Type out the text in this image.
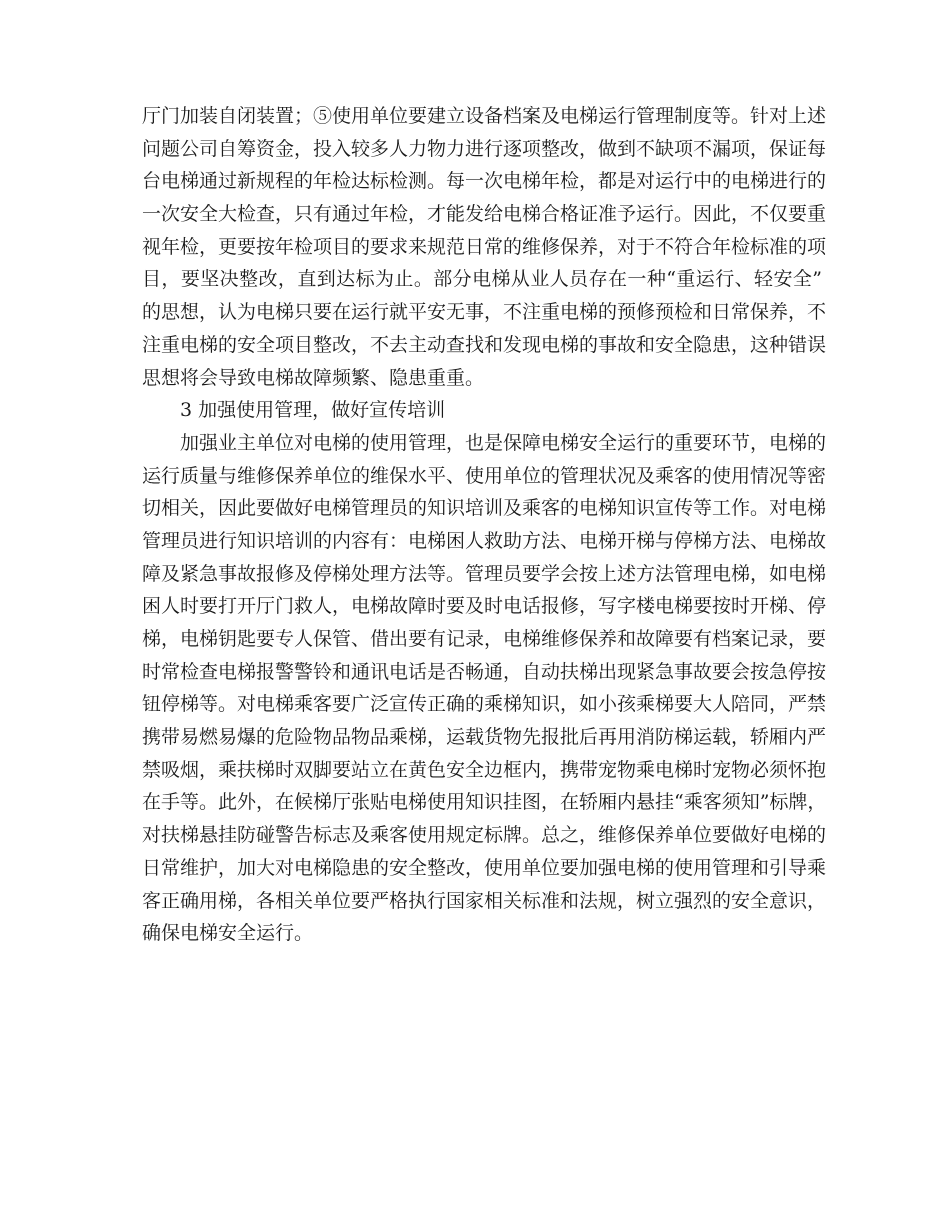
厅门加装自闭装置；⑤使用单位要建立设备档案及电梯运行管理制度等。针对上述
问题公司自筹资金，投入较多人力物力进行逐项整改，做到不缺项不漏项，保证每
台电梯通过新规程的年检达标检测。每一次电梯年检，都是对运行中的电梯进行的
一次安全大检查，只有通过年检，才能发给电梯合格证准予运行。因此，不仅要重
视年检，更要按年检项目的要求来规范日常的维修保养，对于不符合年检标准的项
目，要坚决整改，直到达标为止。部分电梯从业人员存在一种“重运行、轻安全”
的思想，认为电梯只要在运行就平安无事，不注重电梯的预修预检和日常保养，不
注重电梯的安全项目整改，不去主动查找和发现电梯的事故和安全隐患，这种错误
思想将会导致电梯故障频繁、隐患重重。
3 加强使用管理，做好宣传培训
加强业主单位对电梯的使用管理，也是保障电梯安全运行的重要环节，电梯的
运行质量与维修保养单位的维保水平、使用单位的管理状况及乘客的使用情况等密
切相关，因此要做好电梯管理员的知识培训及乘客的电梯知识宣传等工作。对电梯
管理员进行知识培训的内容有：电梯困人救助方法、电梯开梯与停梯方法、电梯故
障及紧急事故报修及停梯处理方法等。管理员要学会按上述方法管理电梯，如电梯
困人时要打开厅门救人，电梯故障时要及时电话报修，写字楼电梯要按时开梯、停
梯，电梯钥匙要专人保管、借出要有记录，电梯维修保养和故障要有档案记录，要
时常检查电梯报警警铃和通讯电话是否畅通，自动扶梯出现紧急事故要会按急停按
钮停梯等。对电梯乘客要广泛宣传正确的乘梯知识，如小孩乘梯要大人陪同，严禁
携带易燃易爆的危险物品物品乘梯，运载货物先报批后再用消防梯运载，轿厢内严
禁吸烟，乘扶梯时双脚要站立在黄色安全边框内，携带宠物乘电梯时宠物必须怀抱
在手等。此外，在候梯厅张贴电梯使用知识挂图，在轿厢内悬挂“乘客须知”标牌，
对扶梯悬挂防碰警告标志及乘客使用规定标牌。总之，维修保养单位要做好电梯的
日常维护，加大对电梯隐患的安全整改，使用单位要加强电梯的使用管理和引导乘
客正确用梯，各相关单位要严格执行国家相关标准和法规，树立强烈的安全意识，
确保电梯安全运行。
